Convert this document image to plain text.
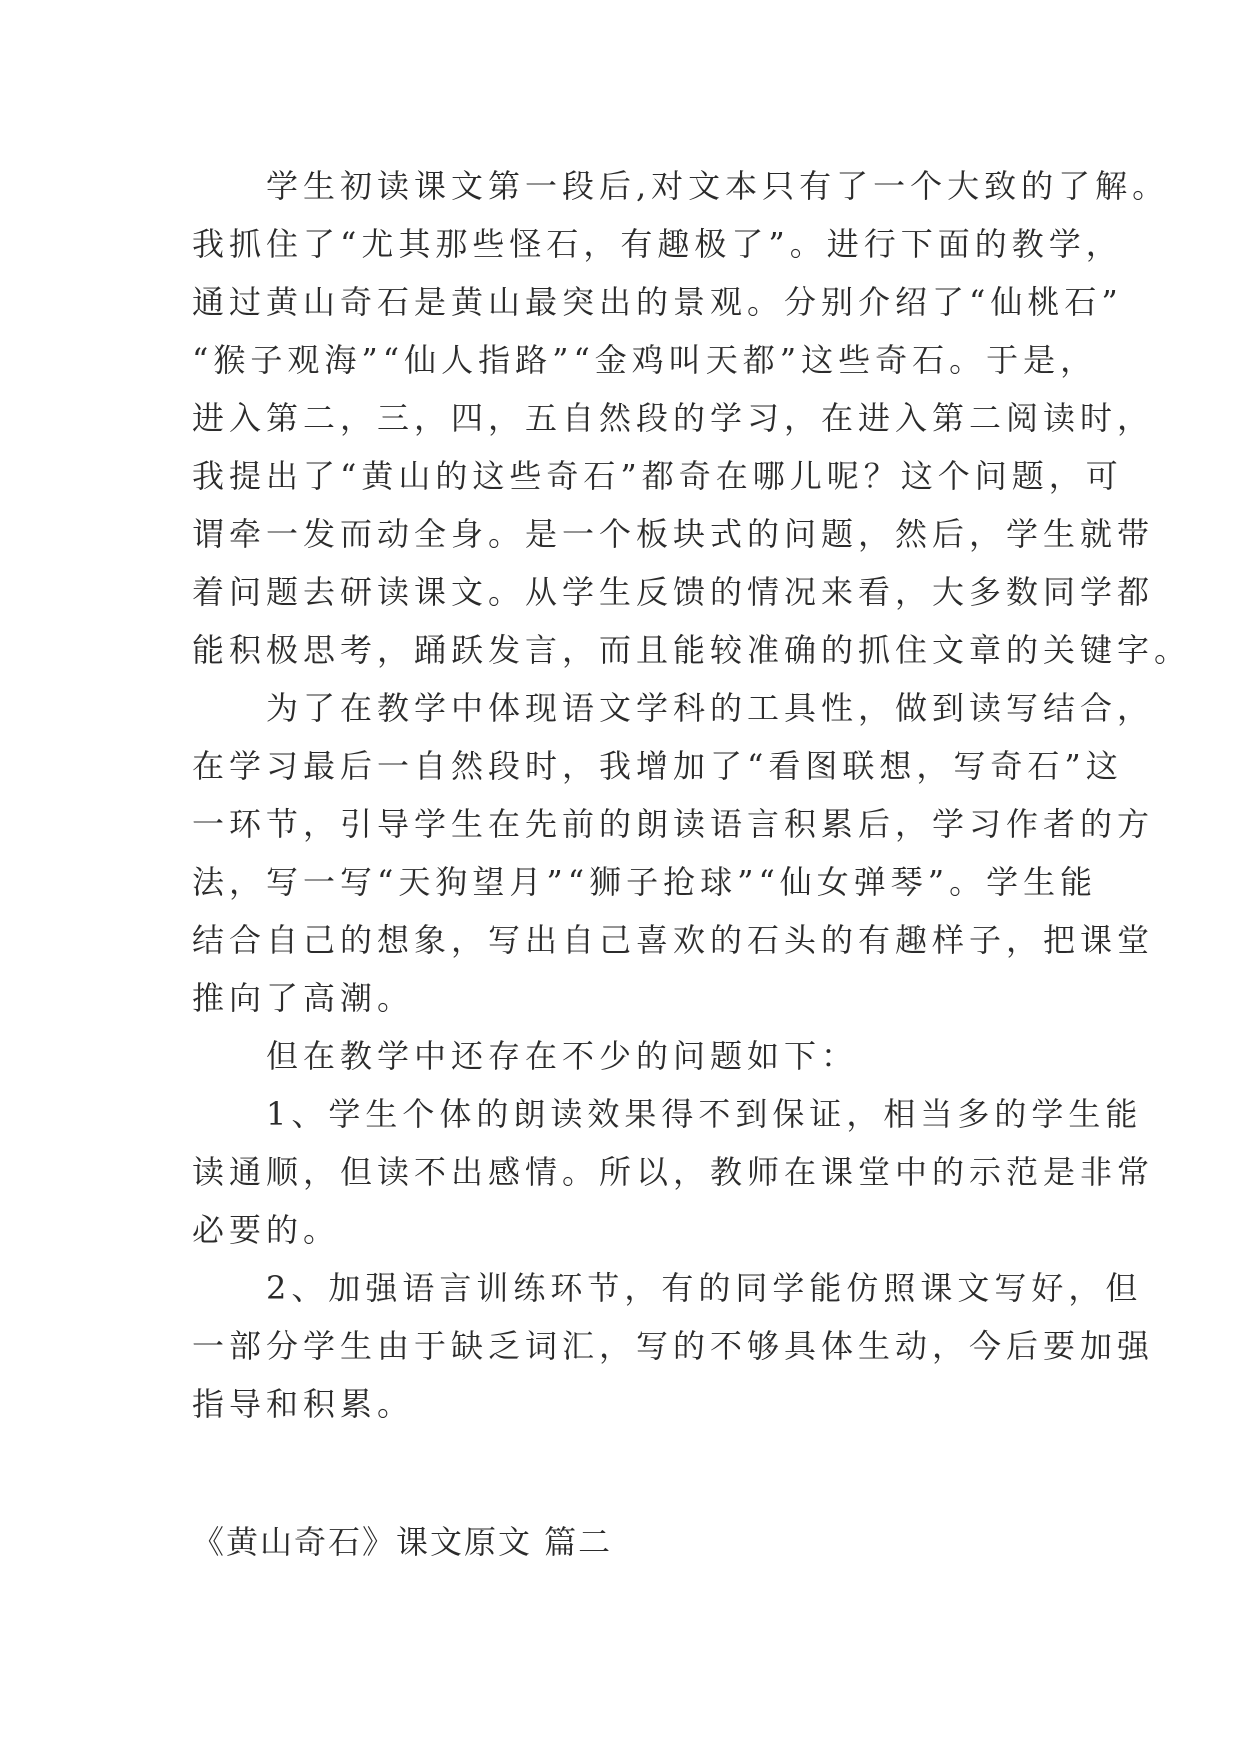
　　学生初读课文第一段后,对文本只有了一个大致的了解。
我抓住了“尤其那些怪石，有趣极了”。进行下面的教学，
通过黄山奇石是黄山最突出的景观。分别介绍了“仙桃石”
“猴子观海”“仙人指路”“金鸡叫天都”这些奇石。于是，
进入第二，三，四，五自然段的学习，在进入第二阅读时，
我提出了“黄山的这些奇石”都奇在哪儿呢？这个问题，可
谓牵一发而动全身。是一个板块式的问题，然后，学生就带
着问题去研读课文。从学生反馈的情况来看，大多数同学都
能积极思考，踊跃发言，而且能较准确的抓住文章的关键字。
　　为了在教学中体现语文学科的工具性，做到读写结合，
在学习最后一自然段时，我增加了“看图联想，写奇石”这
一环节，引导学生在先前的朗读语言积累后，学习作者的方
法，写一写“天狗望月”“狮子抢球”“仙女弹琴”。学生能
结合自己的想象，写出自己喜欢的石头的有趣样子，把课堂
推向了高潮。
　　但在教学中还存在不少的问题如下：
　　1、学生个体的朗读效果得不到保证，相当多的学生能
读通顺，但读不出感情。所以，教师在课堂中的示范是非常
必要的。
　　2、加强语言训练环节，有的同学能仿照课文写好，但
一部分学生由于缺乏词汇，写的不够具体生动，今后要加强
指导和积累。
《黄山奇石》课文原文 篇二
